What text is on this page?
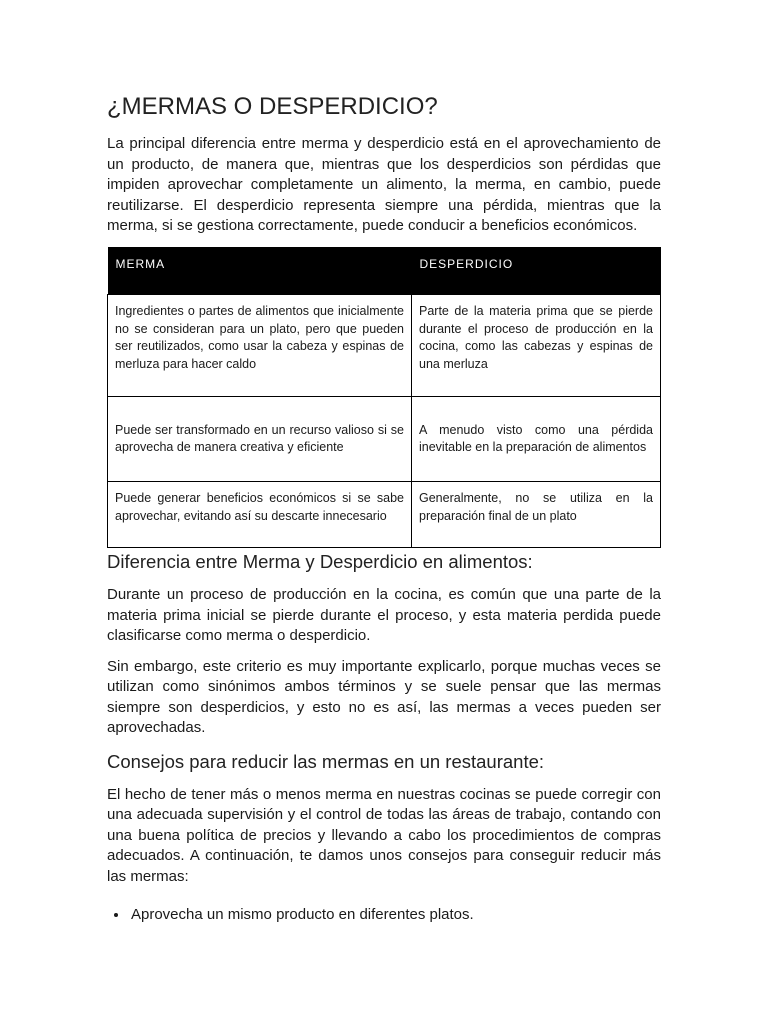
¿MERMAS O DESPERDICIO?

La principal diferencia entre merma y desperdicio está en el aprovechamiento de un producto, de manera que, mientras que los desperdicios son pérdidas que impiden aprovechar completamente un alimento, la merma, en cambio, puede reutilizarse. El desperdicio representa siempre una pérdida, mientras que la merma, si se gestiona correctamente, puede conducir a beneficios económicos.

MERMA	DESPERDICIO
Ingredientes o partes de alimentos que inicialmente no se consideran para un plato, pero que pueden ser reutilizados, como usar la cabeza y espinas de merluza para hacer caldo	Parte de la materia prima que se pierde durante el proceso de producción en la cocina, como las cabezas y espinas de una merluza
Puede ser transformado en un recurso valioso si se aprovecha de manera creativa y eficiente	A menudo visto como una pérdida inevitable en la preparación de alimentos
Puede generar beneficios económicos si se sabe aprovechar, evitando así su descarte innecesario	Generalmente, no se utiliza en la preparación final de un plato
Diferencia entre Merma y Desperdicio en alimentos:

Durante un proceso de producción en la cocina, es común que una parte de la materia prima inicial se pierde durante el proceso, y esta materia perdida puede clasificarse como merma o desperdicio.

Sin embargo, este criterio es muy importante explicarlo, porque muchas veces se utilizan como sinónimos ambos términos y se suele pensar que las mermas siempre son desperdicios, y esto no es así, las mermas a veces pueden ser aprovechadas.

Consejos para reducir las mermas en un restaurante:

El hecho de tener más o menos merma en nuestras cocinas se puede corregir con una adecuada supervisión y el control de todas las áreas de trabajo, contando con una buena política de precios y llevando a cabo los procedimientos de compras adecuados. A continuación, te damos unos consejos para conseguir reducir más las mermas:

• Aprovecha un mismo producto en diferentes platos.
